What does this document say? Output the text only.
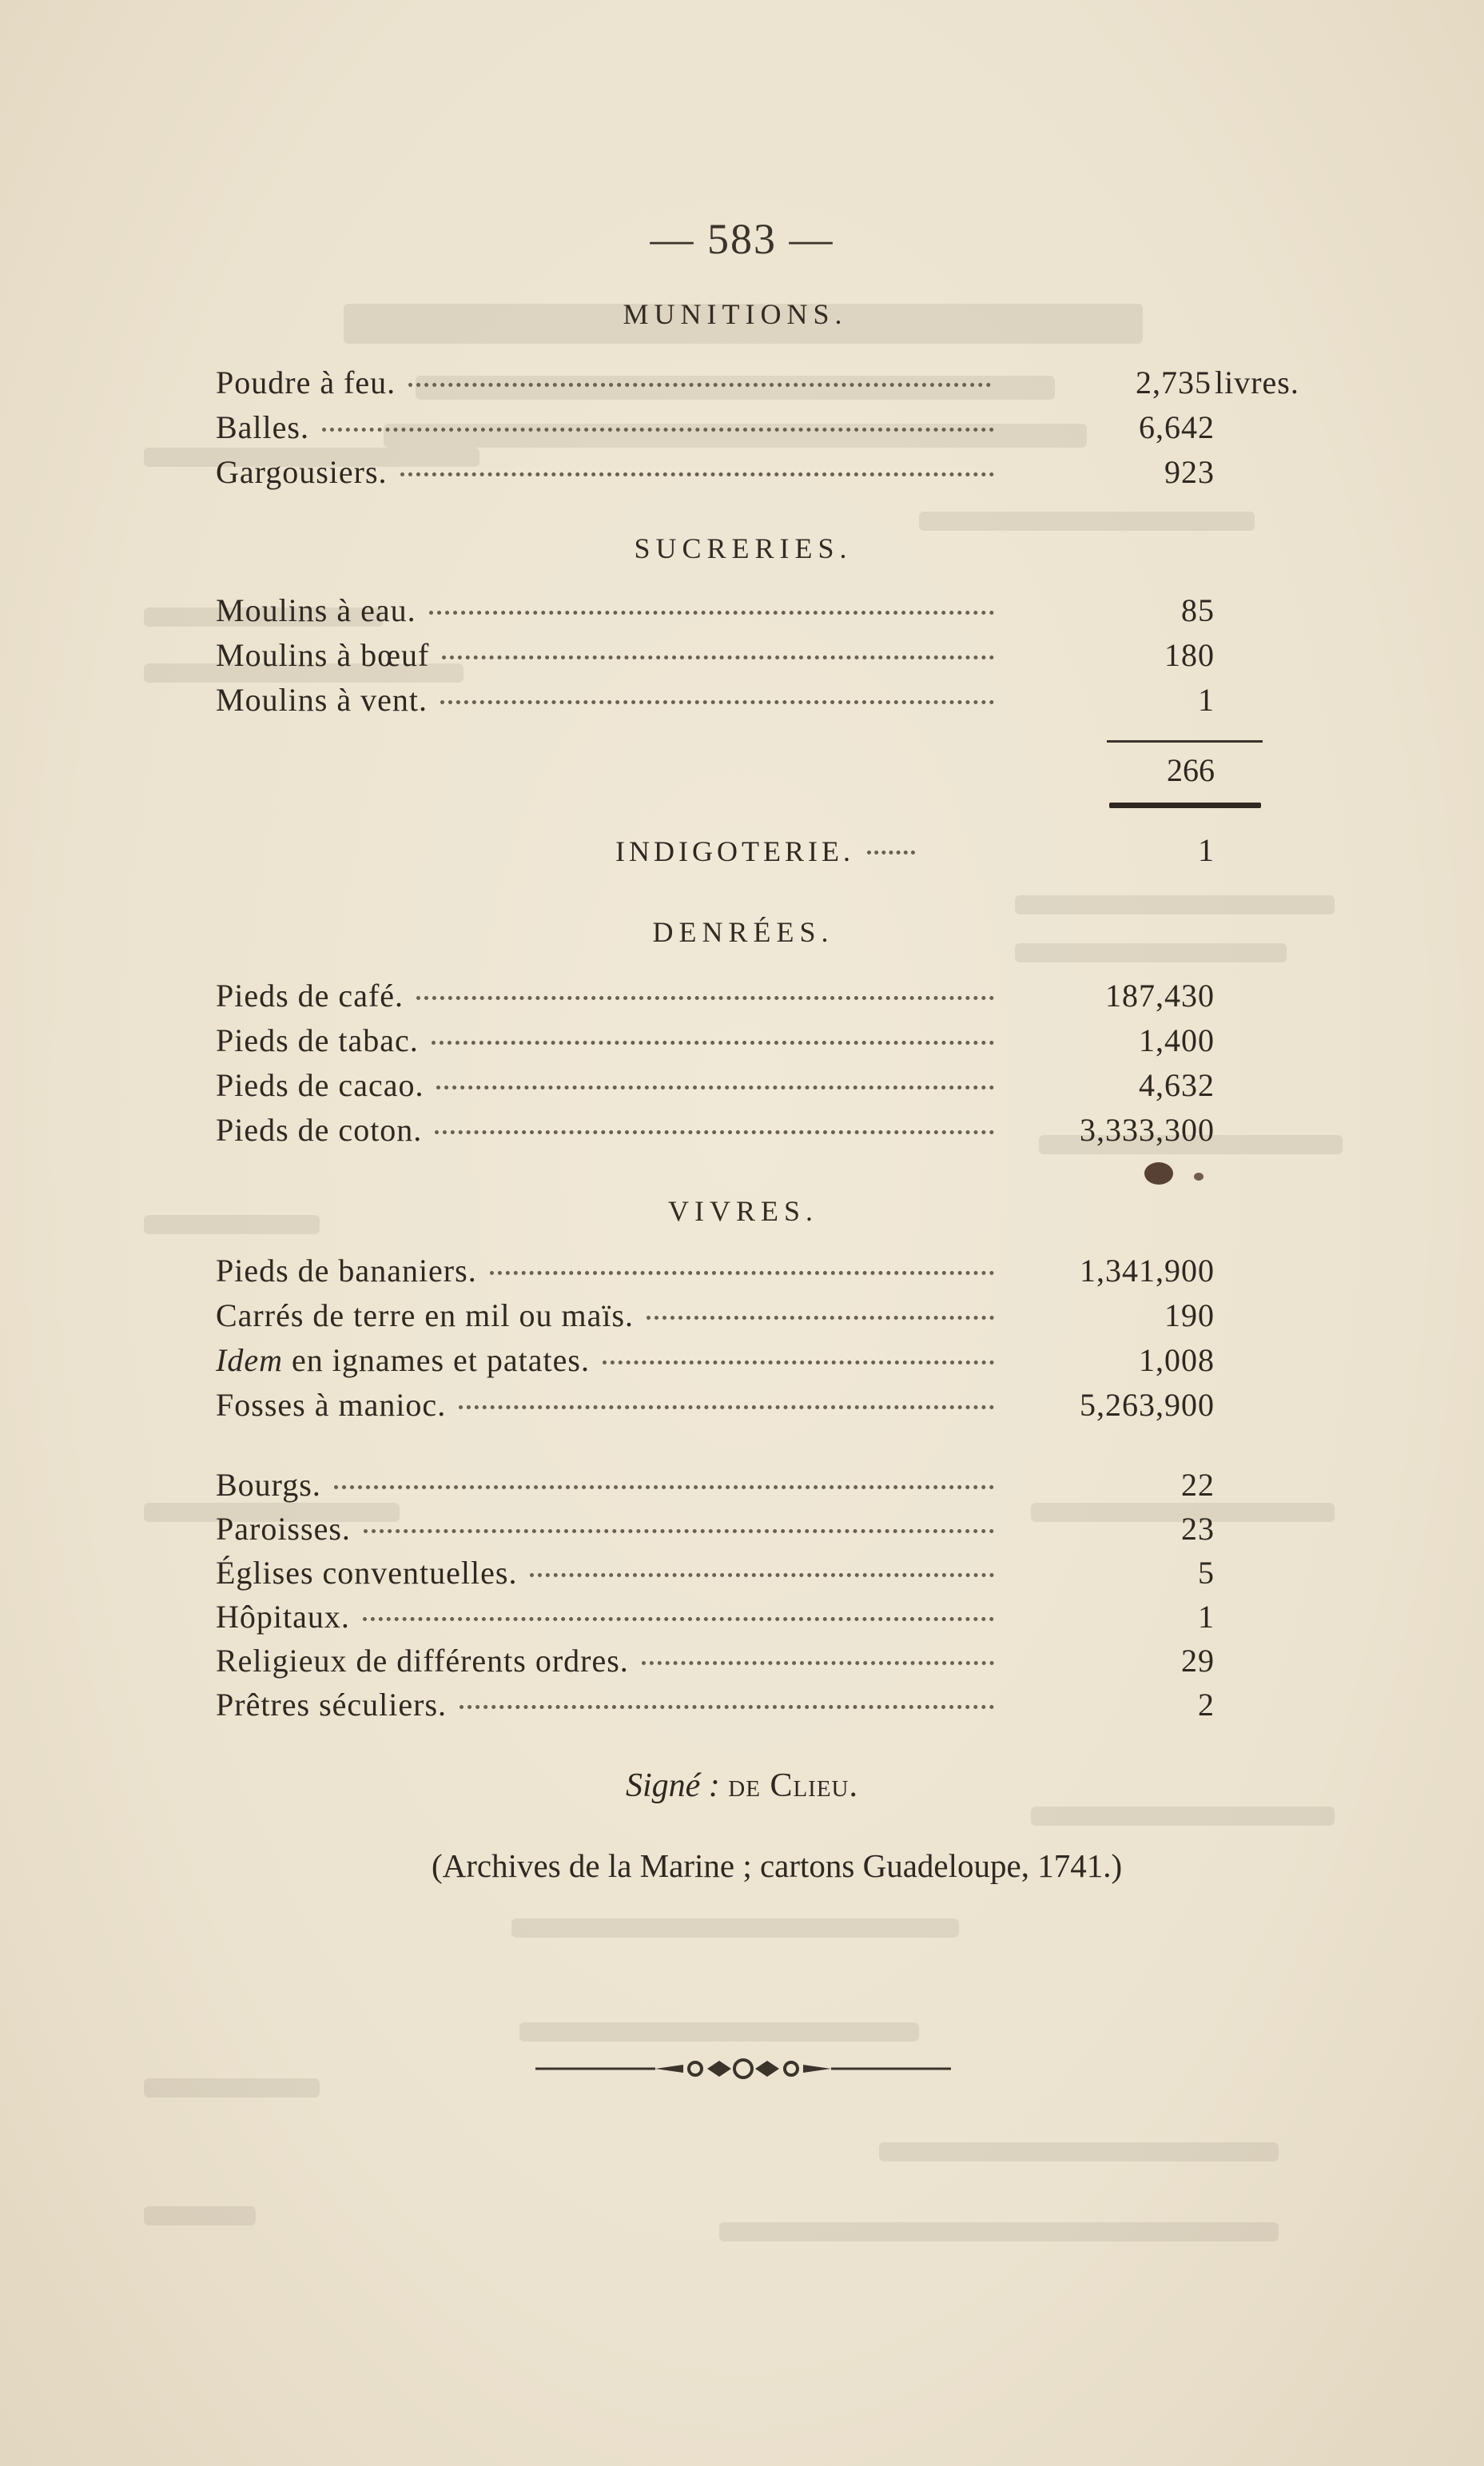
— 583 —
MUNITIONS.
Poudre à feu.	2,735 livres.
Balles.	6,642
Gargousiers.	923
SUCRERIES.
Moulins à eau.	85
Moulins à bœuf	180
Moulins à vent.	1
266
INDIGOTERIE.	1
DENRÉES.
Pieds de café.	187,430
Pieds de tabac.	1,400
Pieds de cacao.	4,632
Pieds de coton.	3,333,300
VIVRES.
Pieds de bananiers.	1,341,900
Carrés de terre en mil ou maïs.	190
Idem en ignames et patates.	1,008
Fosses à manioc.	5,263,900
Bourgs.	22
Paroisses.	23
Églises conventuelles.	5
Hôpitaux.	1
Religieux de différents ordres.	29
Prêtres séculiers.	2
Signé : de Clieu.
(Archives de la Marine ; cartons Guadeloupe, 1741.)
